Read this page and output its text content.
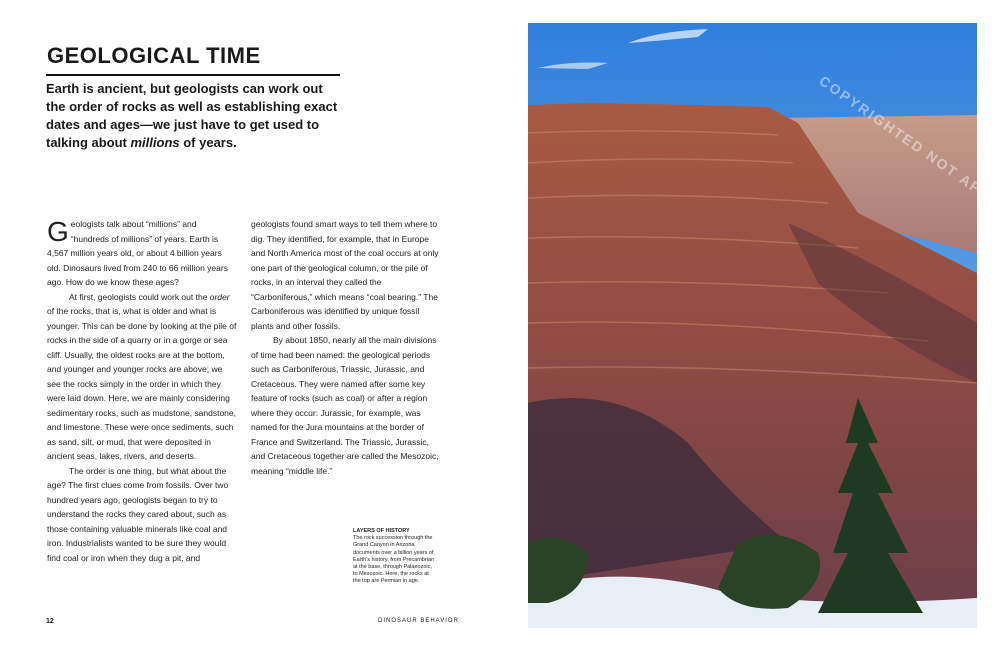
GEOLOGICAL TIME

Earth is ancient, but geologists can work out the order of rocks as well as establishing exact dates and ages—we just have to get used to talking about millions of years.

Geologists talk about “millions” and “hundreds of millions” of years. Earth is 4,567 million years old, or about 4 billion years old. Dinosaurs lived from 240 to 66 million years ago. How do we know these ages?

At first, geologists could work out the order of the rocks, that is, what is older and what is younger. This can be done by looking at the pile of rocks in the side of a quarry or in a gorge or sea cliff. Usually, the oldest rocks are at the bottom, and younger and younger rocks are above; we see the rocks simply in the order in which they were laid down. Here, we are mainly considering sedimentary rocks, such as mudstone, sandstone, and limestone. These were once sediments, such as sand, silt, or mud, that were deposited in ancient seas, lakes, rivers, and deserts.

The order is one thing, but what about the age? The first clues come from fossils. Over two hundred years ago, geologists began to try to understand the rocks they cared about, such as those containing valuable minerals like coal and iron. Industrialists wanted to be sure they would find coal or iron when they dug a pit, and

geologists found smart ways to tell them where to dig. They identified, for example, that in Europe and North America most of the coal occurs at only one part of the geological column, or the pile of rocks, in an interval they called the “Carboniferous,” which means “coal bearing.” The Carboniferous was identified by unique fossil plants and other fossils.

By about 1850, nearly all the main divisions of time had been named: the geological periods such as Carboniferous, Triassic, Jurassic, and Cretaceous. They were named after some key feature of rocks (such as coal) or after a region where they occur: Jurassic, for example, was named for the Jura mountains at the border of France and Switzerland. The Triassic, Jurassic, and Cretaceous together are called the Mesozoic, meaning “middle life.”

LAYERS OF HISTORY
The rock succession through the Grand Canyon in Arizona documents over a billion years of Earth's history, from Precambrian at the base, through Palaeozoic, to Mesozoic. Here, the rocks at the top are Permian in age.
12	DINOSAUR BEHAVIOR
